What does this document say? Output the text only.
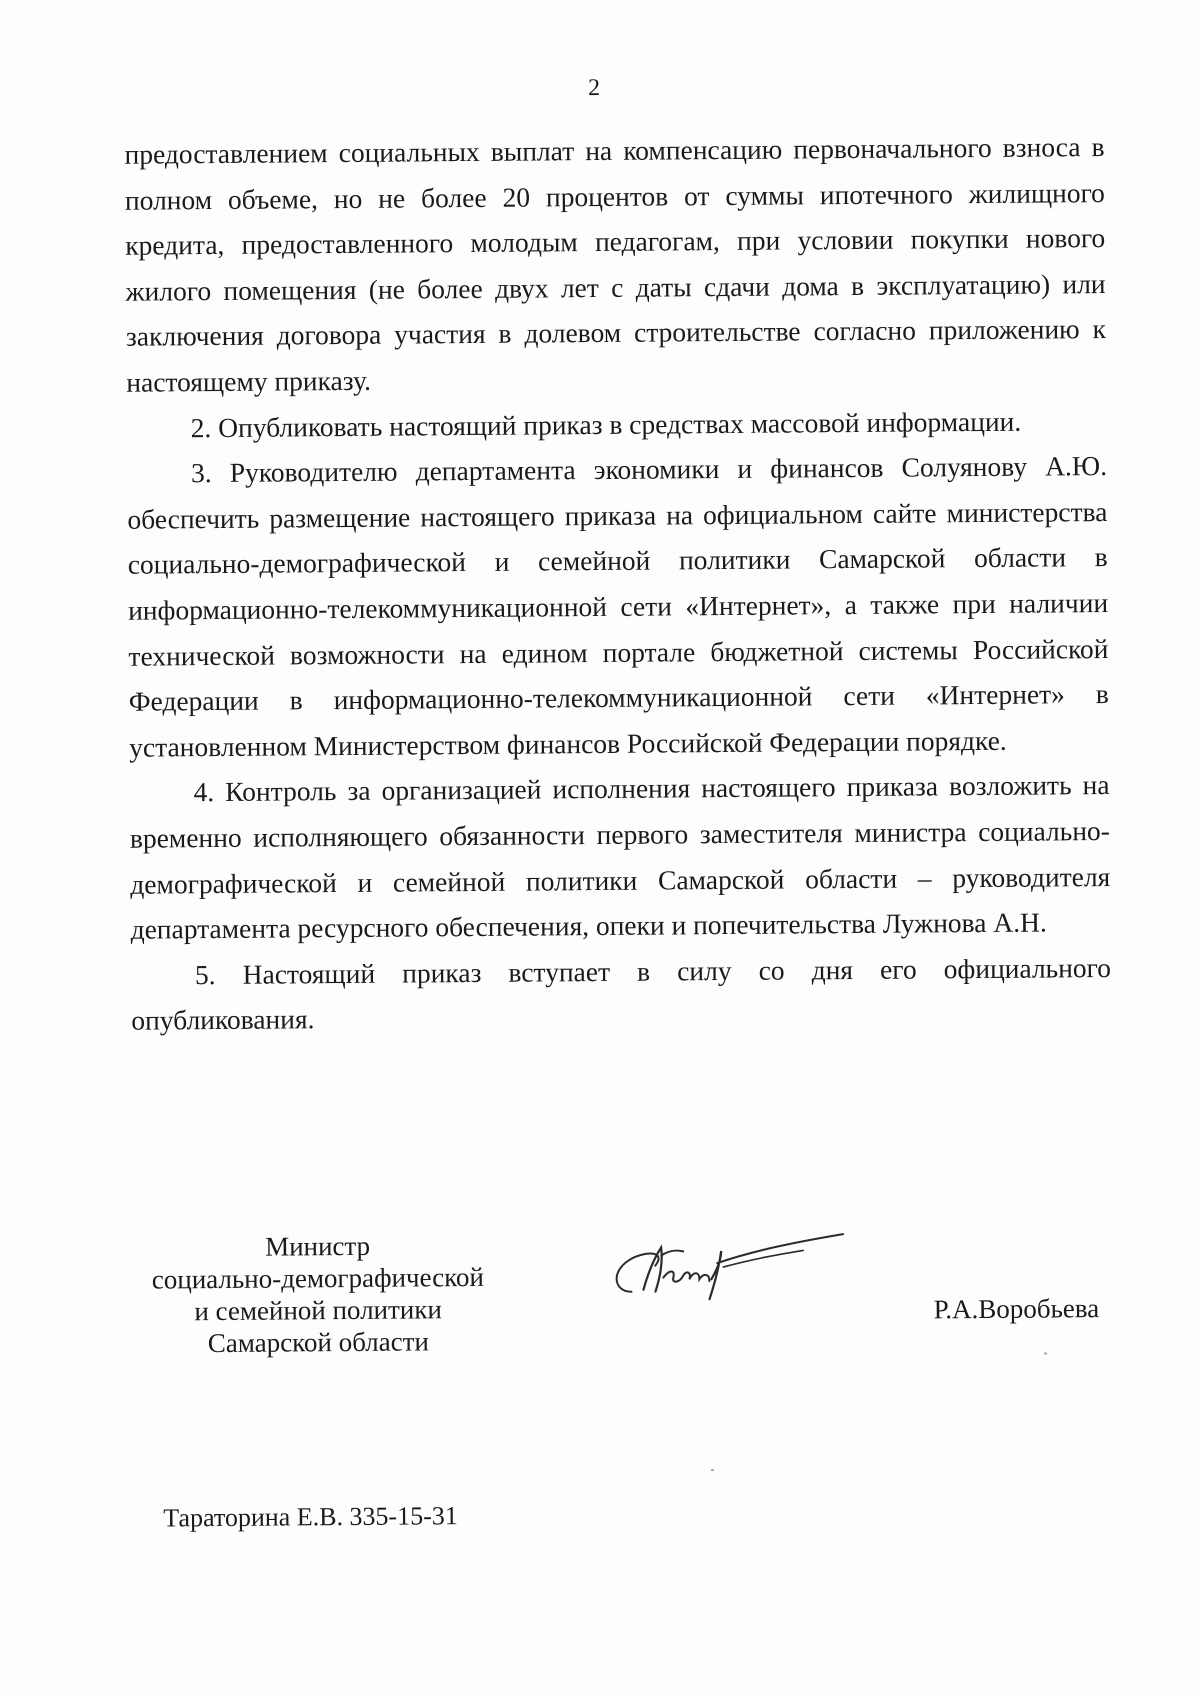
2

предоставлением социальных выплат на компенсацию первоначального взноса в полном объеме, но не более 20 процентов от суммы ипотечного жилищного кредита, предоставленного молодым педагогам, при условии покупки нового жилого помещения (не более двух лет с даты сдачи дома в эксплуатацию) или заключения договора участия в долевом строительстве согласно приложению к настоящему приказу.

2. Опубликовать настоящий приказ в средствах массовой информации.

3. Руководителю департамента экономики и финансов Солуянову А.Ю. обеспечить размещение настоящего приказа на официальном сайте министерства социально-демографической и семейной политики Самарской области в информационно-телекоммуникационной сети «Интернет», а также при наличии технической возможности на едином портале бюджетной системы Российской Федерации в информационно-телекоммуникационной сети «Интернет» в установленном Министерством финансов Российской Федерации порядке.

4. Контроль за организацией исполнения настоящего приказа возложить на временно исполняющего обязанности первого заместителя министра социально-демографической и семейной политики Самарской области – руководителя департамента ресурсного обеспечения, опеки и попечительства Лужнова А.Н.

5. Настоящий приказ вступает в силу со дня его официального опубликования.

Министр
социально-демографической
и семейной политики
Самарской области
Р.А.Воробьева
Тараторина Е.В. 335-15-31
